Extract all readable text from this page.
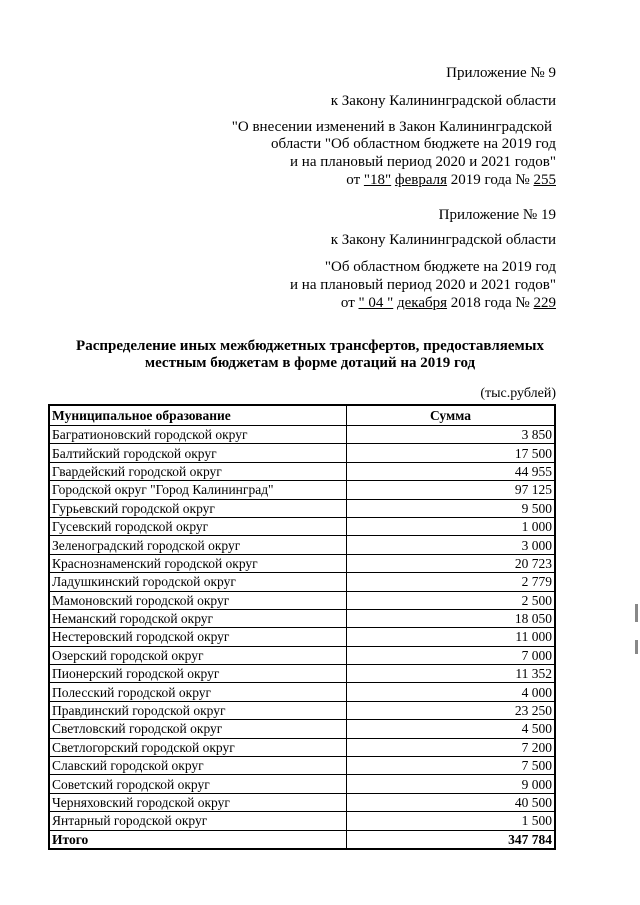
Приложение № 9
к Закону Калининградской области
"О внесении изменений в Закон Калининградской
области "Об областном бюджете на 2019 год
и на плановый период 2020 и 2021 годов"
от "18" февраля 2019 года № 255
Приложение № 19
к Закону Калининградской области
"Об областном бюджете на 2019 год
и на плановый период 2020 и 2021 годов"
от " 04 " декабря 2018 года № 229
Распределение иных межбюджетных трансфертов, предоставляемых
местным бюджетам в форме дотаций на 2019 год
(тыс.рублей)
Муниципальное образование	Сумма
Багратионовский городской округ	3 850
Балтийский городской округ	17 500
Гвардейский городской округ	44 955
Городской округ "Город Калининград"	97 125
Гурьевский городской округ	9 500
Гусевский городской округ	1 000
Зеленоградский городской округ	3 000
Краснознаменский городской округ	20 723
Ладушкинский городской округ	2 779
Мамоновский городской округ	2 500
Неманский городской округ	18 050
Нестеровский городской округ	11 000
Озерский городской округ	7 000
Пионерский городской округ	11 352
Полесский городской округ	4 000
Правдинский городской округ	23 250
Светловский городской округ	4 500
Светлогорский городской округ	7 200
Славский городской округ	7 500
Советский городской округ	9 000
Черняховский городской округ	40 500
Янтарный городской округ	1 500
Итого	347 784
